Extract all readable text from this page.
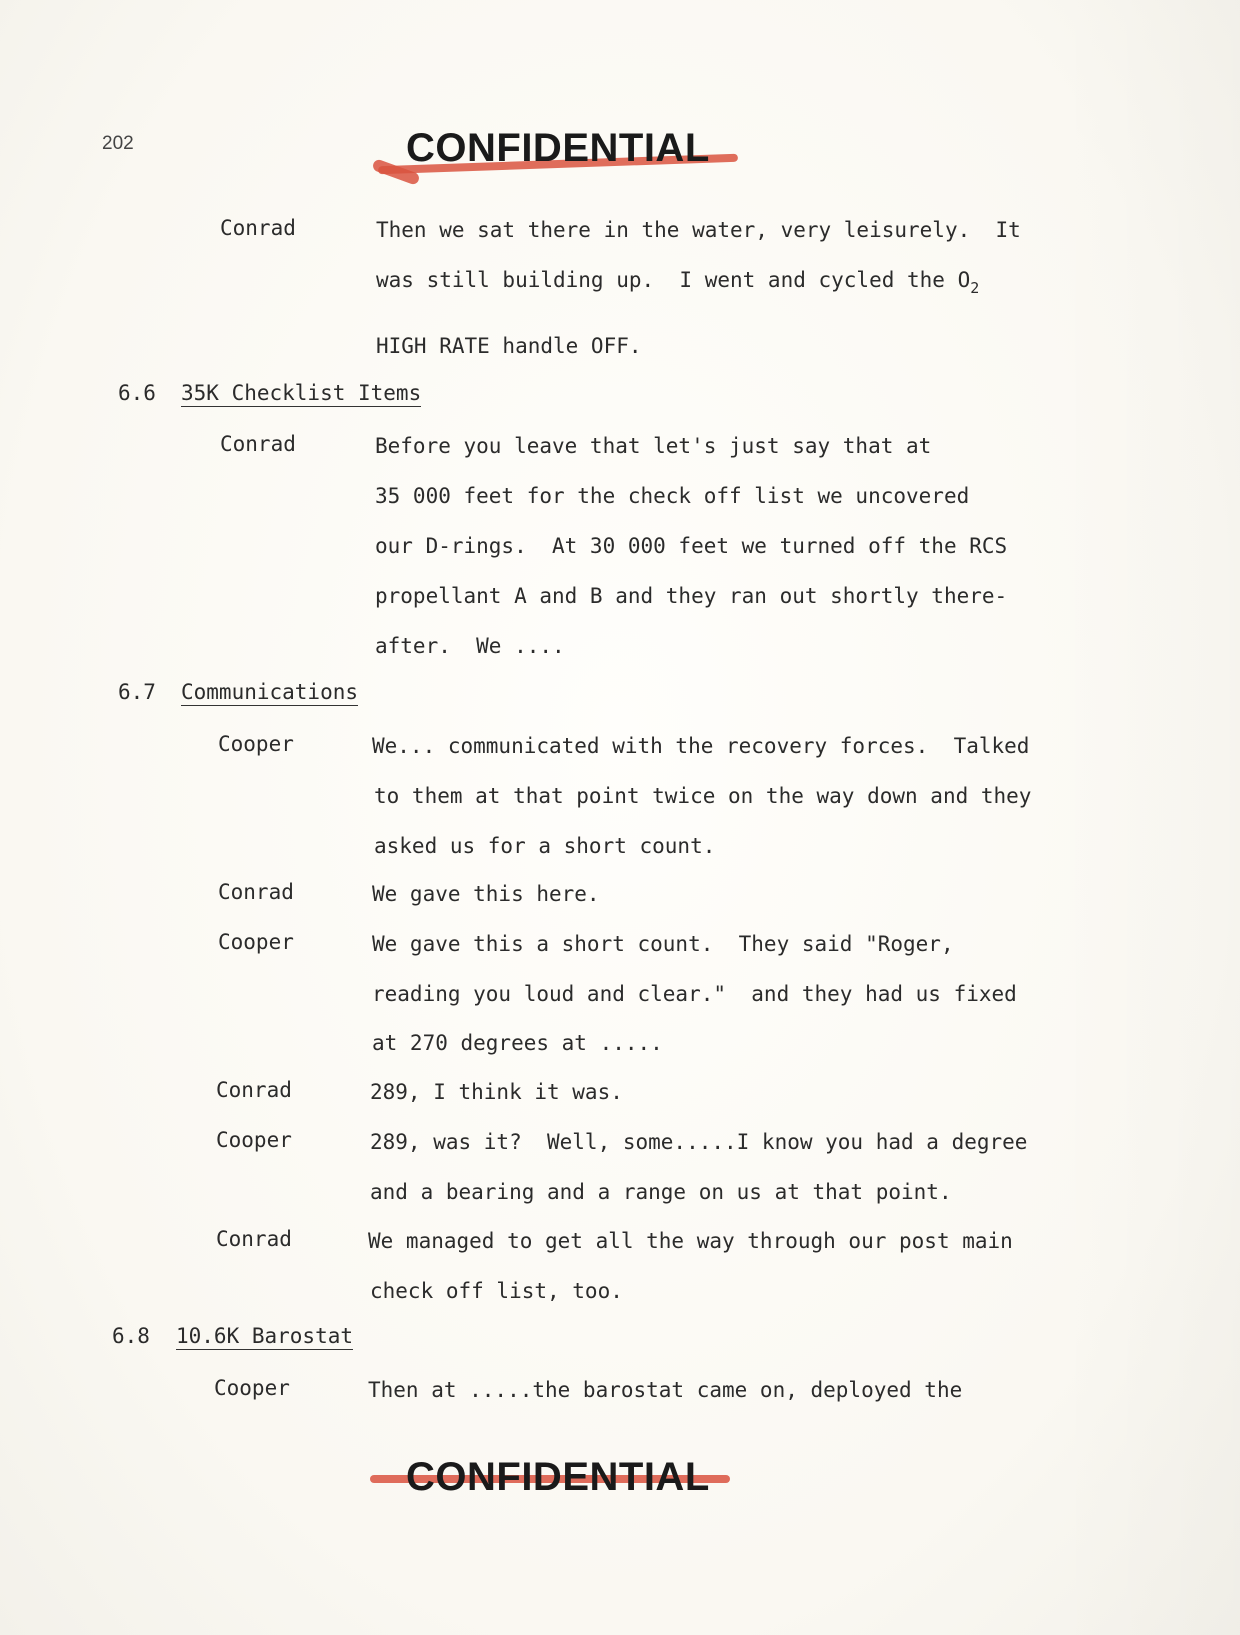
202	CONFIDENTIAL
Conrad	Then we sat there in the water, very leisurely.  It
was still building up.  I went and cycled the $O_2$
HIGH RATE handle OFF.
6.6 35K Checklist Items
Conrad	Before you leave that let's just say that at
35 000 feet for the check off list we uncovered
our D-rings.  At 30 000 feet we turned off the RCS
propellant A and B and they ran out shortly there-
after.  We ....
6.7 Communications
Cooper	We... communicated with the recovery forces.  Talked
to them at that point twice on the way down and they
asked us for a short count.
Conrad	We gave this here.
Cooper	We gave this a short count.  They said "Roger,
reading you loud and clear."  and they had us fixed
at 270 degrees at .....
Conrad	289, I think it was.
Cooper	289, was it?  Well, some.....I know you had a degree
and a bearing and a range on us at that point.
Conrad	We managed to get all the way through our post main
check off list, too.
6.8 10.6K Barostat
Cooper	Then at .....the barostat came on, deployed the
CONFIDENTIAL
